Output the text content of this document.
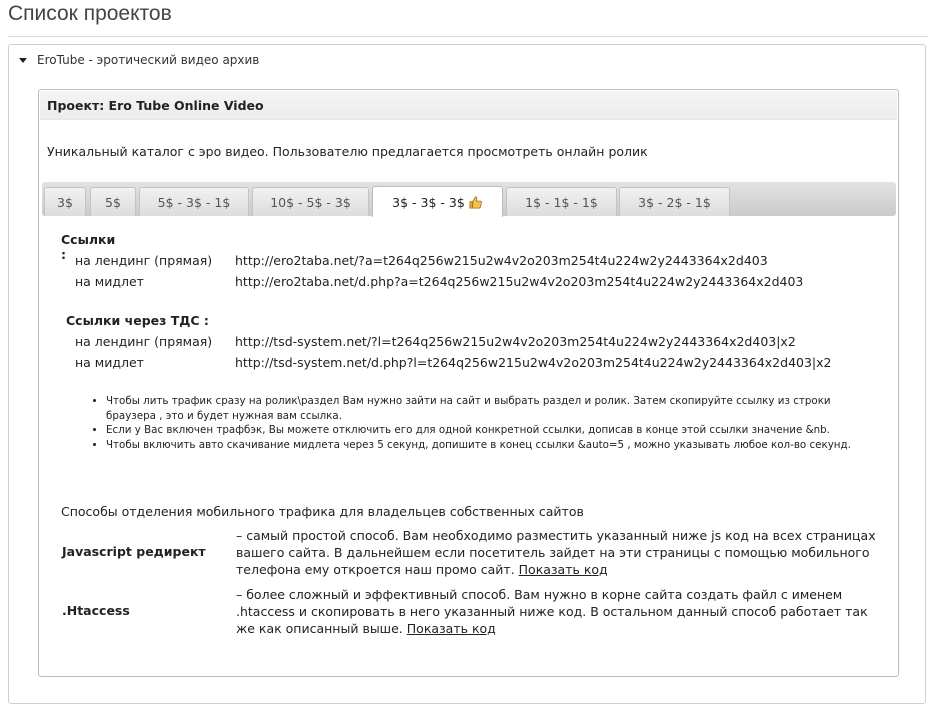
Список проектов
EroTube - эротический видео архив
Проект: Ero Tube Online Video
Уникальный каталог с эро видео. Пользователю предлагается просмотреть онлайн ролик
3$	5$	5$ - 3$ - 1$	10$ - 5$ - 3$	3$ - 3$ - 3$	1$ - 1$ - 1$	3$ - 2$ - 1$
Ссылки : на лендинг (прямая) http://ero2taba.net/?a=t264q256w215u2w4v2o203m254t4u224w2y2443364x2d403
на мидлет	http://ero2taba.net/d.php?a=t264q256w215u2w4v2o203m254t4u224w2y2443364x2d403
Ссылки через ТДС :
на лендинг (прямая) http://tsd-system.net/?l=t264q256w215u2w4v2o203m254t4u224w2y2443364x2d403|x2
на мидлет	http://tsd-system.net/d.php?l=t264q256w215u2w4v2o203m254t4u224w2y2443364x2d403|x2
• Чтобы лить трафик сразу на ролик\раздел Вам нужно зайти на сайт и выбрать раздел и ролик. Затем скопируйте ссылку из строки браузера , это и будет нужная вам ссылка.
• Если у Вас включен трафбэк, Вы можете отключить его для одной конкретной ссылки, дописав в конце этой ссылки значение &nb.
• Чтобы включить авто скачивание мидлета через 5 секунд, допишите в конец ссылки &auto=5 , можно указывать любое кол-во секунд.
Способы отделения мобильного трафика для владельцев собственных сайтов
Javascript редирект
– самый простой способ. Вам необходимо разместить указанный ниже js код на всех страницах вашего сайта. В дальнейшем если посетитель зайдет на эти страницы с помощью мобильного телефона ему откроется наш промо сайт. Показать код
.Htaccess
– более сложный и эффективный способ. Вам нужно в корне сайта создать файл с именем .htaccess и скопировать в него указанный ниже код. В остальном данный способ работает так же как описанный выше. Показать код
